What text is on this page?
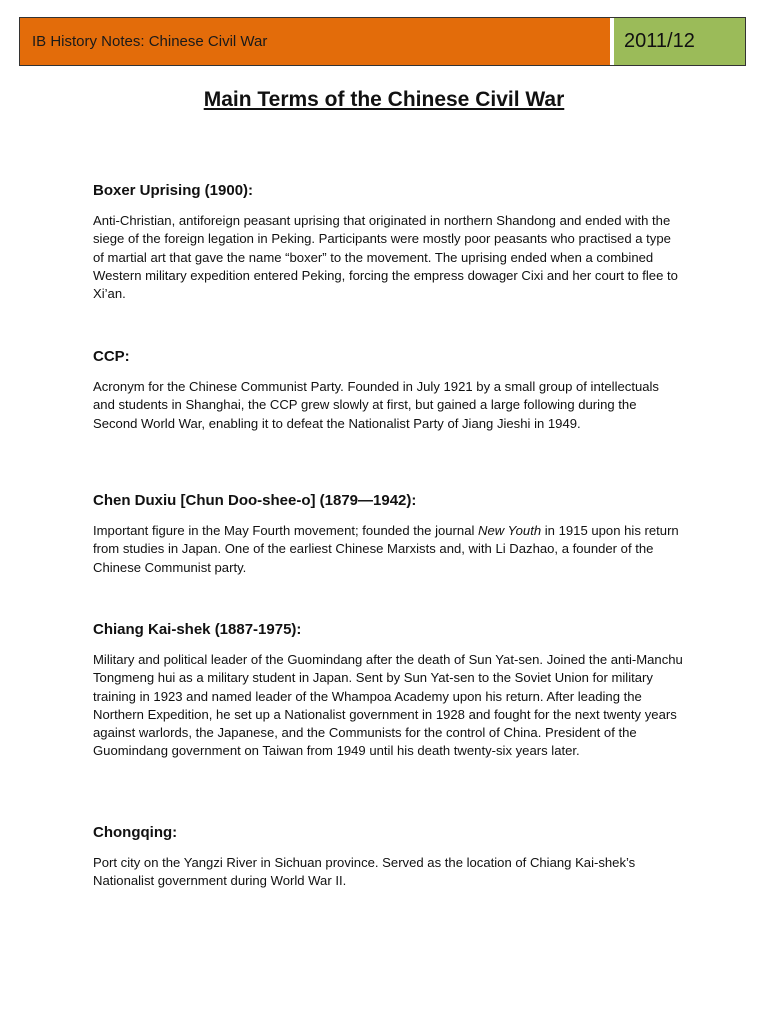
IB History Notes: Chinese Civil War	2011/12
Main Terms of the Chinese Civil War
Boxer Uprising (1900):

Anti-Christian, antiforeign peasant uprising that originated in northern Shandong and ended with the siege of the foreign legation in Peking. Participants were mostly poor peasants who practised a type of martial art that gave the name “boxer” to the movement. The uprising ended when a combined Western military expedition entered Peking, forcing the empress dowager Cixi and her court to flee to Xi’an.

CCP:

Acronym for the Chinese Communist Party. Founded in July 1921 by a small group of intellectuals and students in Shanghai, the CCP grew slowly at first, but gained a large following during the Second World War, enabling it to defeat the Nationalist Party of Jiang Jieshi in 1949.

Chen Duxiu [Chun Doo-shee-o] (1879—1942):

Important figure in the May Fourth movement; founded the journal New Youth in 1915 upon his return from studies in Japan. One of the earliest Chinese Marxists and, with Li Dazhao, a founder of the Chinese Communist party.

Chiang Kai-shek (1887-1975):

Military and political leader of the Guomindang after the death of Sun Yat-sen. Joined the anti-Manchu Tongmeng hui as a military student in Japan. Sent by Sun Yat-sen to the Soviet Union for military training in 1923 and named leader of the Whampoa Academy upon his return. After leading the Northern Expedition, he set up a Nationalist government in 1928 and fought for the next twenty years against warlords, the Japanese, and the Communists for the control of China. President of the Guomindang government on Taiwan from 1949 until his death twenty-six years later.

Chongqing:

Port city on the Yangzi River in Sichuan province. Served as the location of Chiang Kai-shek’s Nationalist government during World War II.
